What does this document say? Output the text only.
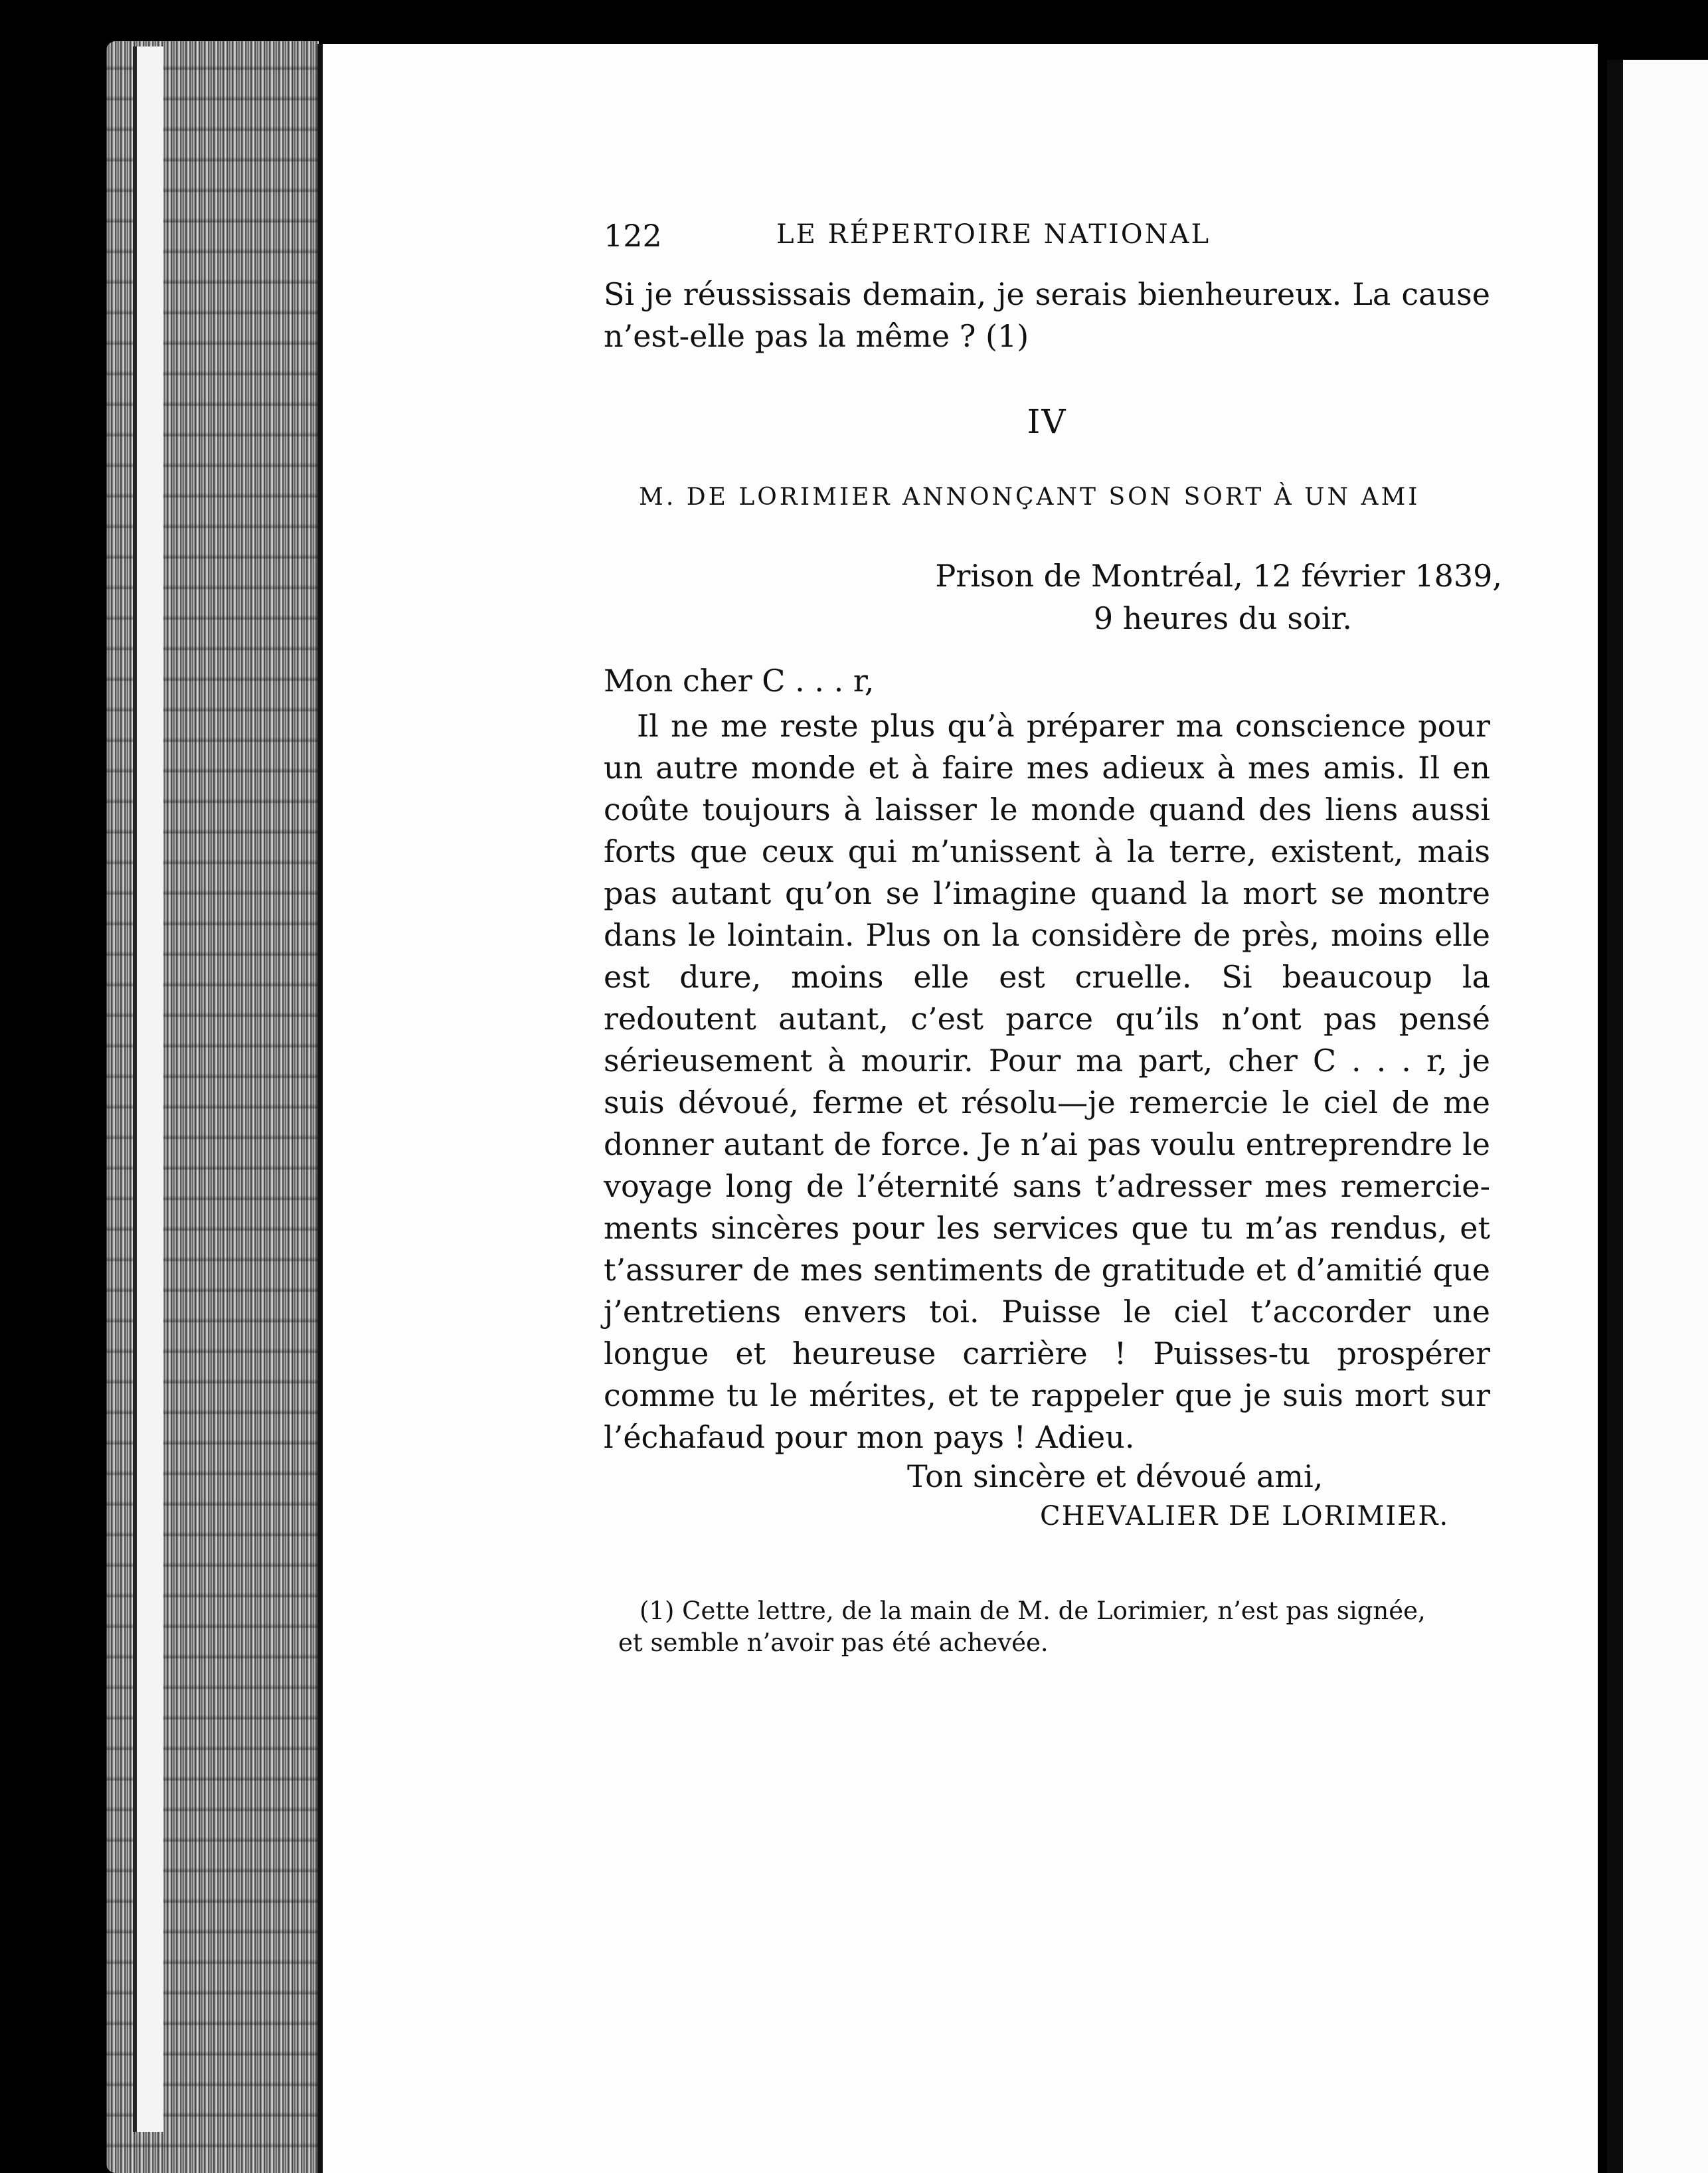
122	LE RÉPERTOIRE NATIONAL
Si je réussissais demain, je serais bienheureux. La cause n’est-elle pas la même ? (1)
IV
M. DE LORIMIER ANNONÇANT SON SORT À UN AMI
Prison de Montréal, 12 février 1839,
9 heures du soir.
Mon cher C . . . r,
Il ne me reste plus qu’à préparer ma conscience pour un autre monde et à faire mes adieux à mes amis. Il en coûte toujours à laisser le monde quand des liens aussi forts que ceux qui m’unissent à la terre, existent, mais pas autant qu’on se l’imagine quand la mort se montre dans le lointain. Plus on la considère de près, moins elle est dure, moins elle est cruelle. Si beaucoup la redoutent autant, c’est parce qu’ils n’ont pas pensé sérieusement à mourir. Pour ma part, cher C . . . r, je suis dévoué, ferme et résolu—je remercie le ciel de me donner autant de force. Je n’ai pas voulu entreprendre le voyage long de l’éternité sans t’adresser mes remerciements sincères pour les services que tu m’as rendus, et t’assurer de mes sentiments de gratitude et d’amitié que j’entretiens envers toi. Puisse le ciel t’accorder une longue et heureuse carrière ! Puisses-tu prospérer comme tu le mérites, et te rappeler que je suis mort sur l’échafaud pour mon pays ! Adieu.
Ton sincère et dévoué ami,
CHEVALIER DE LORIMIER.
(1) Cette lettre, de la main de M. de Lorimier, n’est pas signée,
et semble n’avoir pas été achevée.
